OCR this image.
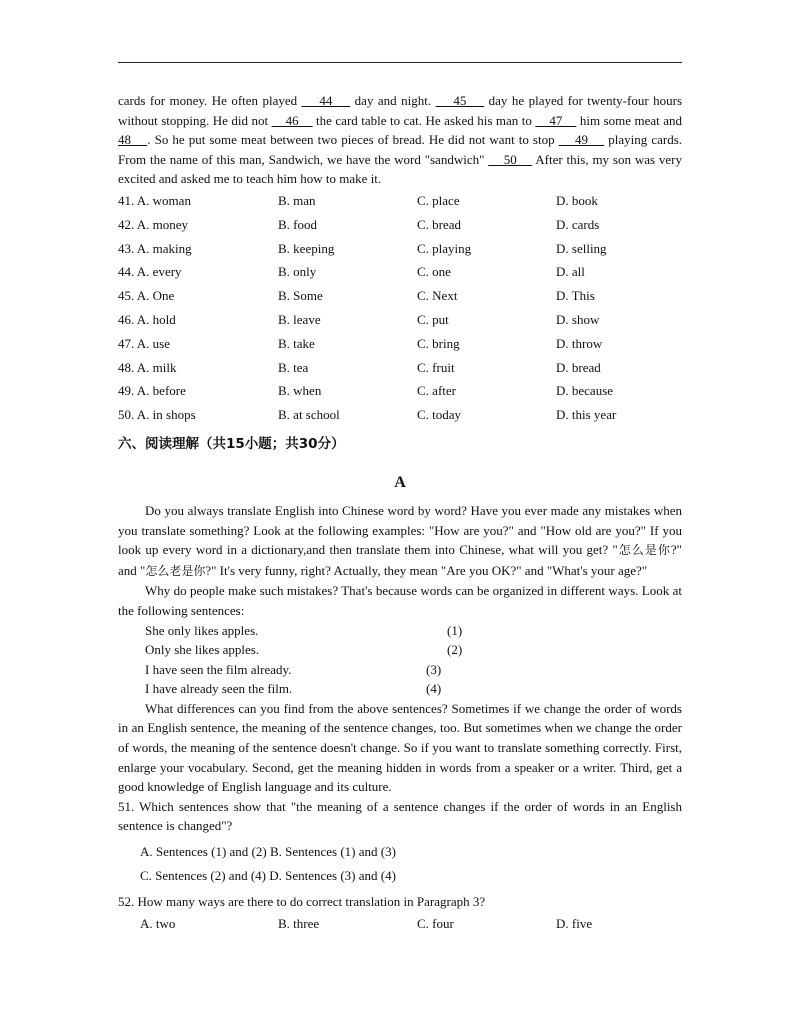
cards for money. He often played     44     day and night.     45     day he played for twenty-four hours without stopping. He did not     46     the card table to cat. He asked his man to     47     him some meat and 48    . So he put some meat between two pieces of bread. He did not want to stop     49     playing cards. From the name of this man, Sandwich, we have the word "sandwich"     50     After this, my son was very excited and asked me to teach him how to make it.
41. A. woman	B. man	C. place	D. book
42. A. money	B. food	C. bread	D. cards
43. A. making	B. keeping	C. playing	D. selling
44. A. every	B. only	C. one	D. all
45. A. One	B. Some	C. Next	D. This
46. A. hold	B. leave	C. put	D. show
47. A. use	B. take	C. bring	D. throw
48. A. milk	B. tea	C. fruit	D. bread
49. A. before	B. when	C. after	D. because
50. A. in shops	B. at school	C. today	D. this year
六、阅读理解（共15小题；共30分）
A
Do you always translate English into Chinese word by word? Have you ever made any mistakes when you translate something? Look at the following examples: "How are you?" and "How old are you?" If you look up every word in a dictionary,and then translate them into Chinese, what will you get? "怎么是你?" and "怎么老是你?" It's very funny, right? Actually, they mean "Are you OK?" and "What's your age?"
Why do people make such mistakes? That's because words can be organized in different ways. Look at the following sentences:
She only likes apples.	(1)
Only she likes apples.	(2)
I have seen the film already.	(3)
I have already seen the film.	(4)
What differences can you find from the above sentences? Sometimes if we change the order of words in an English sentence, the meaning of the sentence changes, too. But sometimes when we change the order of words, the meaning of the sentence doesn't change. So if you want to translate something correctly. First, enlarge your vocabulary. Second, get the meaning hidden in words from a speaker or a writer. Third, get a good knowledge of English language and its culture.
51. Which sentences show that "the meaning of a sentence changes if the order of words in an English sentence is changed"?
A. Sentences (1) and (2) B. Sentences (1) and (3)
C. Sentences (2) and (4) D. Sentences (3) and (4)
52. How many ways are there to do correct translation in Paragraph 3?
A. two	B. three	C. four	D. five
